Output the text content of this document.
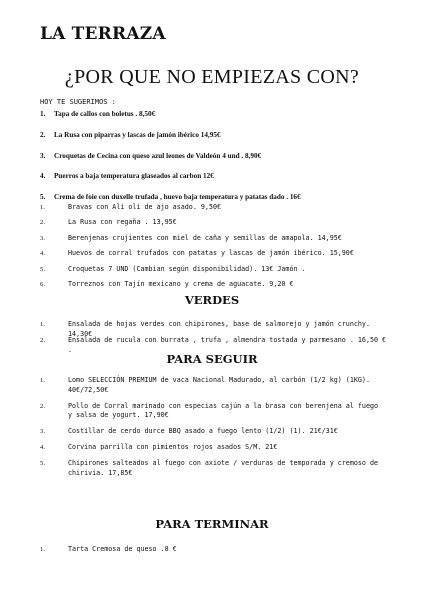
LA TERRAZA
¿POR QUE NO EMPIEZAS CON?
HOY TE SUGERIMOS :
1.	Tapa de callos con boletus . 8,50€
2.	La Rusa con piparras y lascas de jamón ibérico 14,95€
3.	Croquetas de Cecina con queso azul leones de Valdeón 4 und . 8,90€
4.	Puerros a baja temperatura glaseados al carbon 12€
5.	Crema de foie con duxelle trufada , huevo baja temperatura y patatas dado . 16€
1.	Bravas con Ali oli de ajo asado. 9,50€
2.	La Rusa con regaña . 13,95€
3.	Berenjenas crujientes con miel de caña y semillas de amapola. 14,95€
4.	Huevos de corral trufados con patatas y lascas de jamón ibérico. 15,90€
5.	Croquetas 7 UND (Cambian según disponibilidad). 13€ Jamón .
6.	Torreznos con Tajín mexicano y crema de aguacate. 9,20 €
VERDES
1.	Ensalada de hojas verdes con chipirones, base de salmorejo y jamón crunchy. 14,30€
2.	Ensalada de rucula con burrata , trufa , almendra tostada y parmesano . 16,50 € .
PARA SEGUIR
1.	Lomo SELECCIÓN PREMIUM de vaca Nacional Madurado, al carbón (1/2 kg) (1KG). 40€/72,50€
2.	Pollo de Corral marinado con especias cajún a la brasa con berenjena al fuego y salsa de yogurt. 17,90€
3.	Costillar de cerdo durce BBQ asado a fuego lento (1/2) (1). 21€/31€
4.	Corvina parrilla con pimientos rojos asados S/M. 21€
5.	Chipirones salteados al fuego con axiote / verduras de temporada y cremoso de chirivia. 17,85€
PARA TERMINAR
1.	Tarta Cremosa de queso .8 €
